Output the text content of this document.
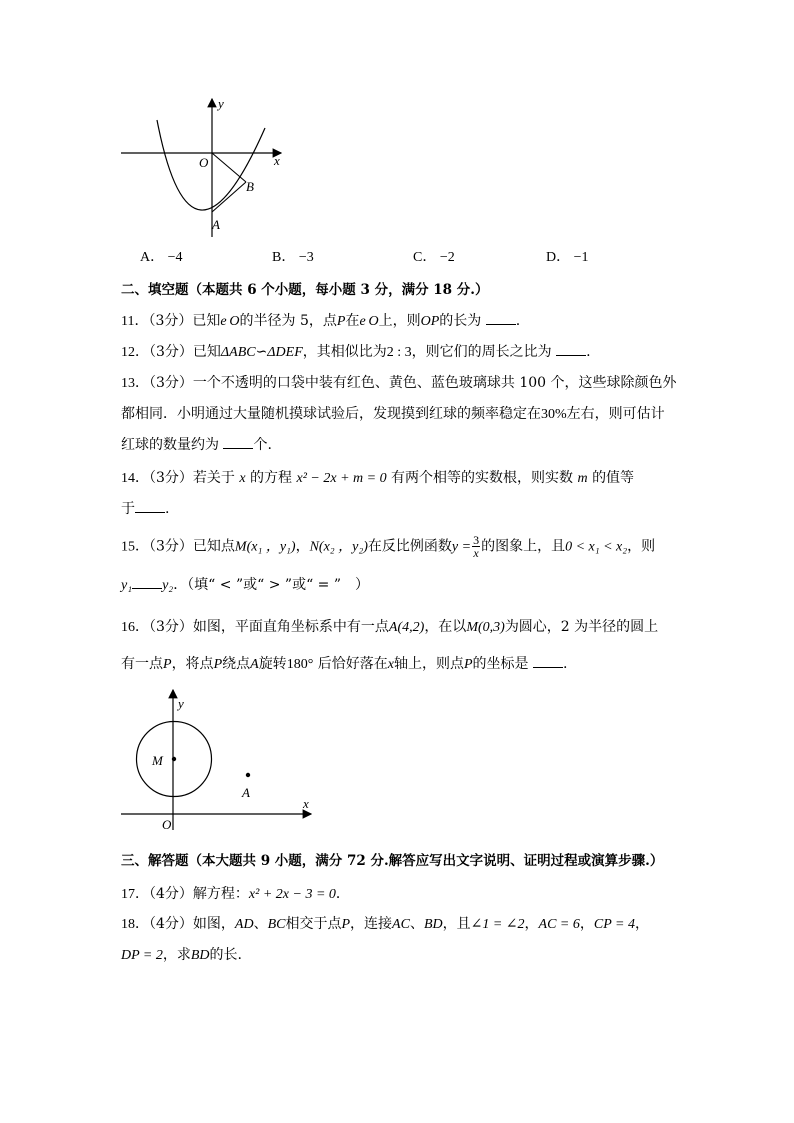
y
x
O
B
A
A． −4	B． −3	C． −2	D． −1
二、填空题（本题共 6 个小题，每小题 3 分，满分 18 分.）
11．（3分）已知e  O的半径为 5，点P在e  O上，则OP的长为 .
12．（3分）已知ΔABC∽ΔDEF，其相似比为2 : 3，则它们的周长之比为 .
13．（3分）一个不透明的口袋中装有红色、黄色、蓝色玻璃球共 100 个，这些球除颜色外
都相同．小明通过大量随机摸球试验后，发现摸到红球的频率稳定在30%左右，则可估计
红球的数量约为 个.
14．（3分）若关于 x 的方程 x² − 2x + m = 0 有两个相等的实数根，则实数 m 的值等
于 .
15．（3分）已知点M(x₁ ，y₁)，N(x₂ ，y₂)在反比例函数$y = \frac{3}{x}$ 的图象上，且0 < x₁ < x₂，则
y₁ y₂．（填“ < ”或“ > ”或“ = ”　）
16．（3分）如图，平面直角坐标系中有一点A(4,2)，在以M(0,3)为圆心，2 为半径的圆上
有一点P，将点P绕点A旋转180° 后恰好落在x轴上，则点P的坐标是 .
y
x
M
A
O
三、解答题（本大题共 9 小题，满分 72 分.解答应写出文字说明、证明过程或演算步骤.）
17．（4分）解方程：x² + 2x − 3 = 0．
18．（4分）如图，AD、BC相交于点P，连接AC、BD，且∠1 = ∠2，AC = 6，CP = 4，
DP = 2，求BD的长.
